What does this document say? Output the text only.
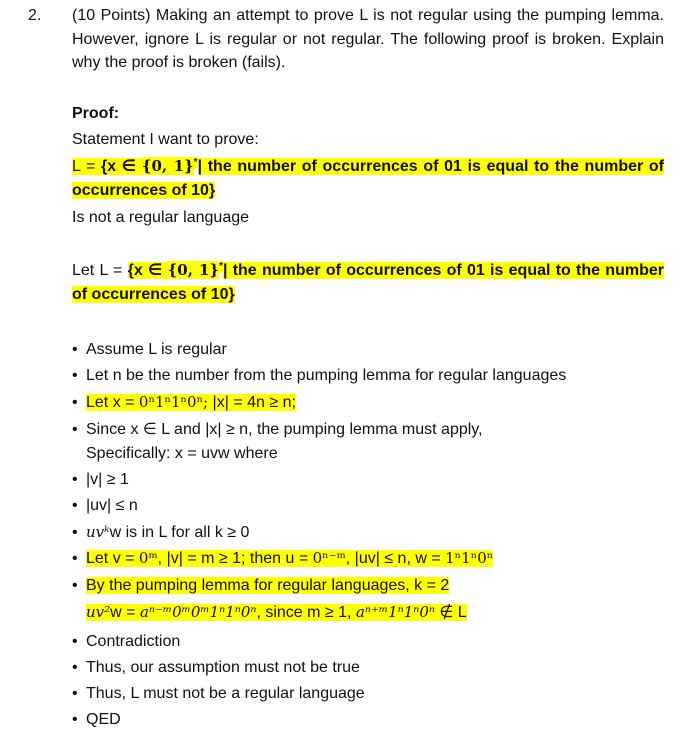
2. (10 Points) Making an attempt to prove L is not regular using the pumping lemma. However, ignore L is regular or not regular. The following proof is broken. Explain why the proof is broken (fails).
Proof:
Statement I want to prove:
L = {x ∈ {0, 1}*| the number of occurrences of 01 is equal to the number of occurrences of 10}
Is not a regular language
Let L = {x ∈ {0, 1}*| the number of occurrences of 01 is equal to the number of occurrences of 10}
• Assume L is regular
• Let n be the number from the pumping lemma for regular languages
• Let x = 0ⁿ1ⁿ1ⁿ0ⁿ; |x| = 4n ≥ n;
• Since x ∈ L and |x| ≥ n, the pumping lemma must apply,
Specifically: x = uvw where
• |v| ≥ 1
• |uv| ≤ n
• uvᵏw is in L for all k ≥ 0
• Let v = 0ᵐ, |v| = m ≥ 1; then u = 0ⁿ⁻ᵐ, |uv| ≤ n, w = 1ⁿ1ⁿ0ⁿ
• By the pumping lemma for regular languages, k = 2
uv²w = aⁿ⁻ᵐ0ᵐ0ᵐ1ⁿ1ⁿ0ⁿ, since m ≥ 1, aⁿ⁺ᵐ1ⁿ1ⁿ0ⁿ ∉ L
• Contradiction
• Thus, our assumption must not be true
• Thus, L must not be a regular language
• QED
